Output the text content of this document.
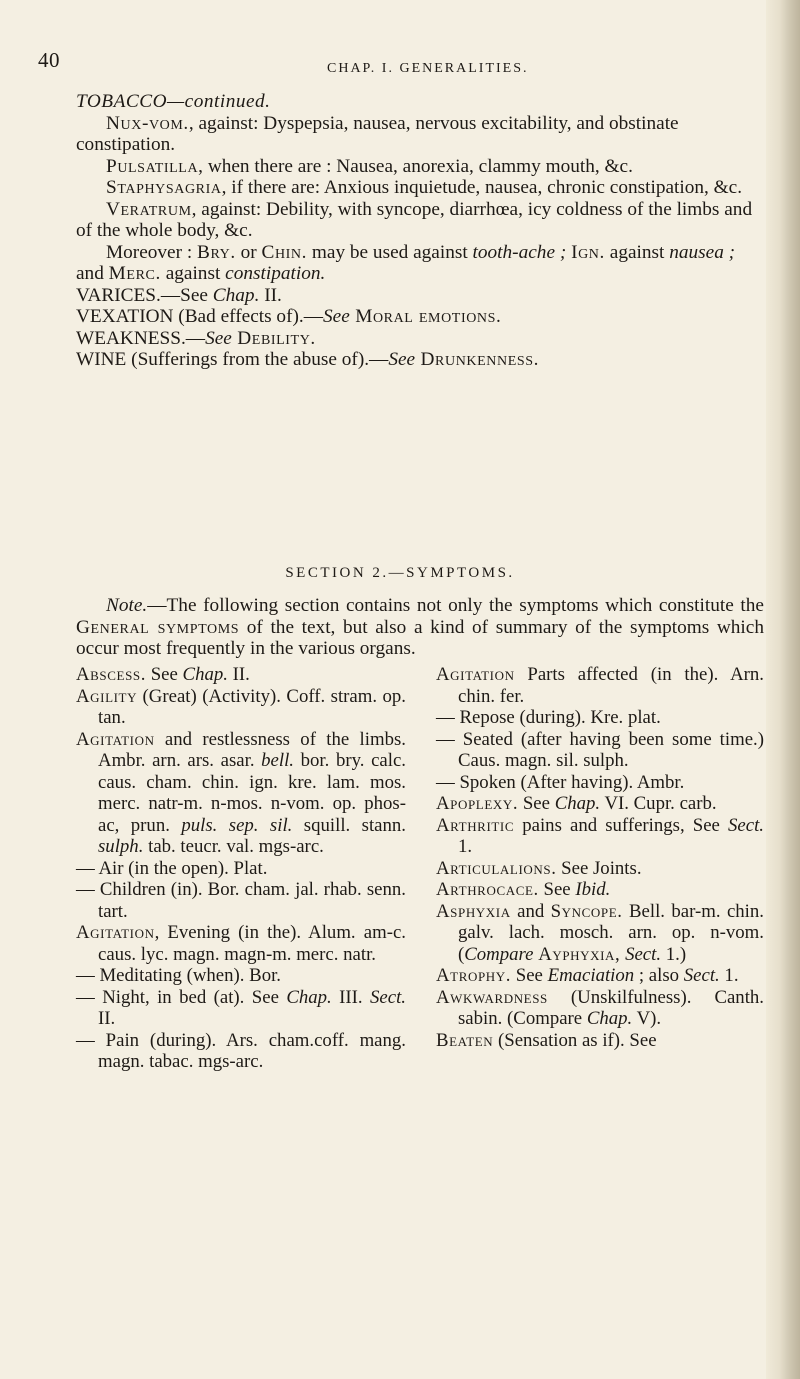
40	CHAP. I. GENERALITIES.

TOBACCO—continued.

Nux-vom., against: Dyspepsia, nausea, nervous excitability, and obstinate constipation.

Pulsatilla, when there are : Nausea, anorexia, clammy mouth, &c.

Staphysagria, if there are: Anxious inquietude, nausea, chronic constipation, &c.

Veratrum, against: Debility, with syncope, diarrhœa, icy coldness of the limbs and of the whole body, &c.

Moreover : Bry. or Chin. may be used against tooth-ache ; Ign. against nausea ; and Merc. against constipation.

VARICES.—See Chap. II.

VEXATION (Bad effects of).—See Moral emotions.

WEAKNESS.—See Debility.

WINE (Sufferings from the abuse of).—See Drunkenness.

SECTION 2.—SYMPTOMS.

Note.—The following section contains not only the symptoms which constitute the General symptoms of the text, but also a kind of summary of the symptoms which occur most frequently in the various organs.

Abscess. See Chap. II.

Agility (Great) (Activity). Coff. stram. op. tan.

Agitation and restlessness of the limbs. Ambr. arn. ars. asar. bell. bor. bry. calc. caus. cham. chin. ign. kre. lam. mos. merc. natr-m. n-mos. n-vom. op. phos-ac, prun. puls. sep. sil. squill. stann. sulph. tab. teucr. val. mgs-arc.

— Air (in the open). Plat.

— Children (in). Bor. cham. jal. rhab. senn. tart.

Agitation, Evening (in the). Alum. am-c. caus. lyc. magn. magn-m. merc. natr.

— Meditating (when). Bor.

— Night, in bed (at). See Chap. III. Sect. II.

— Pain (during). Ars. cham.coff. mang. magn. tabac. mgs-arc.

Agitation Parts affected (in the). Arn. chin. fer.

— Repose (during). Kre. plat.

— Seated (after having been some time.) Caus. magn. sil. sulph.

— Spoken (After having). Ambr.

Apoplexy. See Chap. VI. Cupr. carb.

Arthritic pains and sufferings, See Sect. 1.

Articulalions. See Joints.

Arthrocace. See Ibid.

Asphyxia and Syncope. Bell. bar-m. chin. galv. lach. mosch. arn. op. n-vom. (Compare Ayphyxia, Sect. 1.)

Atrophy. See Emaciation ; also Sect. 1.

Awkwardness (Unskilfulness). Canth. sabin. (Compare Chap. V).

Beaten (Sensation as if). See
